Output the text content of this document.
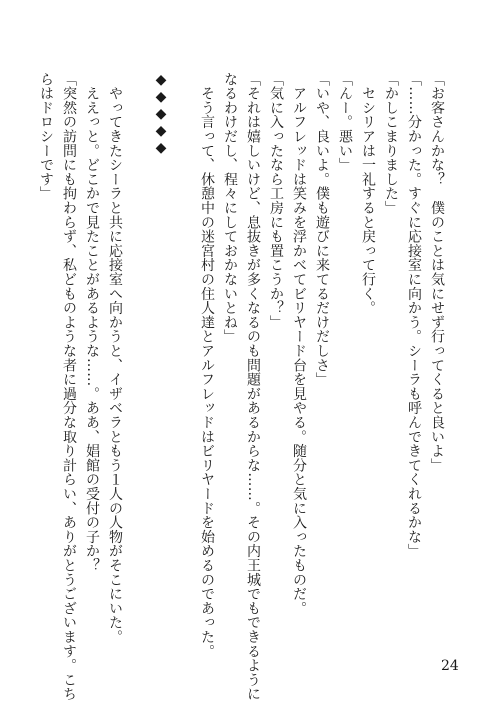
「お客さんかな？　僕のことは気にせず行ってくると良いよ」
「……分かった。すぐに応接室に向かう。シーラも呼んできてくれるかな」
「かしこまりました」
　セシリアは一礼すると戻って行く。
「んー。悪い」
「いや、良いよ。僕も遊びに来てるだけだしさ」
　アルフレッドは笑みを浮かべてビリヤード台を見やる。随分と気に入ったものだ。
「気に入ったなら工房にも置こうか？」
「それは嬉しいけど、息抜きが多くなるのも問題があるからな……。その内王城でもできるように
なるわけだし、程々にしておかないとね」
　そう言って、休憩中の迷宮村の住人達とアルフレッドはビリヤードを始めるのであった。
◆◆◆◆◆
　やってきたシーラと共に応接室へ向かうと、イザベラともう１人の人物がそこにいた。
　ええっと。どこかで見たことがあるような……。ああ、娼館の受付の子か？
「突然の訪問にも拘わらず、私どものような者に過分な取り計らい、ありがとうございます。こち
らはドロシーです」
24
